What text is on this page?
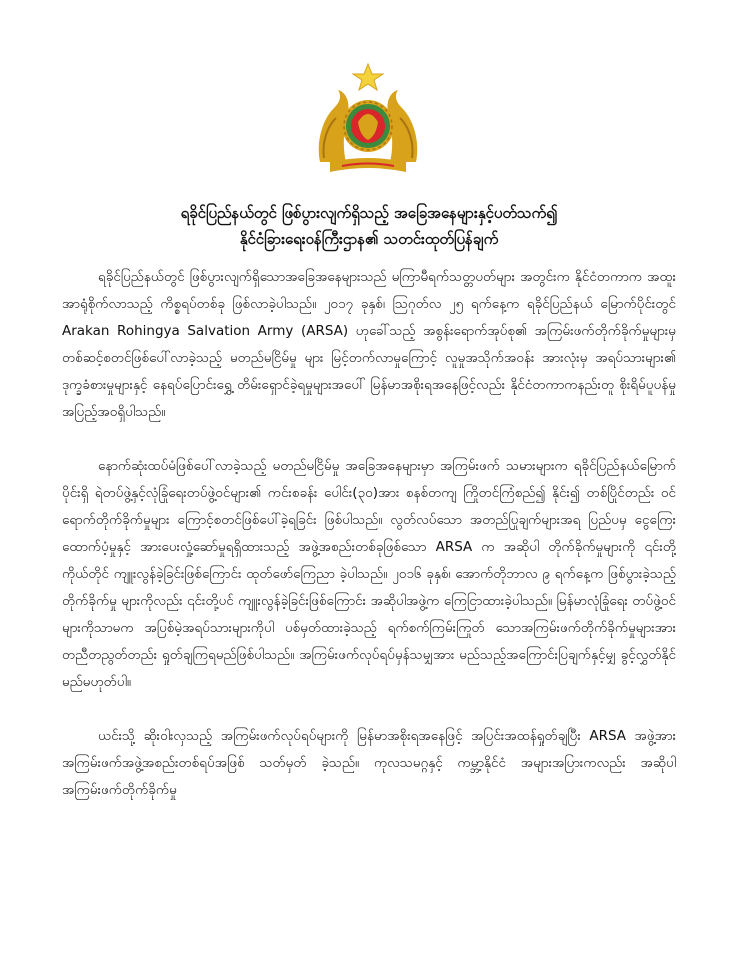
ရခိုင်ပြည်နယ်တွင် ဖြစ်ပွားလျက်ရှိသည့် အခြေအနေများနှင့်ပတ်သက်၍

နိုင်ငံခြားရေးဝန်ကြီးဌာန၏ သတင်းထုတ်ပြန်ချက်

ရခိုင်ပြည်နယ်တွင် ဖြစ်ပွားလျက်ရှိသောအခြေအနေများသည် မကြာမီရက်သတ္တပတ်များ အတွင်းက နိုင်ငံတကာက အထူးအာရုံစိုက်လာသည့် ကိစ္စရပ်တစ်ခု ဖြစ်လာခဲ့ပါသည်။ ၂၀၁၇ ခုနှစ်၊ ဩဂုတ်လ ၂၅ ရက်နေ့က ရခိုင်ပြည်နယ် မြောက်ပိုင်းတွင် Arakan Rohingya Salvation Army (ARSA) ဟုခေါ်သည့် အစွန်းရောက်အုပ်စု၏ အကြမ်းဖက်တိုက်ခိုက်မှုများမှ တစ်ဆင့်စတင်ဖြစ်ပေါ်လာခဲ့သည့် မတည်မငြိမ်မှု များ မြင့်တက်လာမှုကြောင့် လူမှုအသိုက်အဝန်း အားလုံးမှ အရပ်သားများ၏ ဒုက္ခခံစားမှုများနှင့် နေရပ်ပြောင်းရွှေ့ တိမ်းရှောင်ခဲ့ရမှုများအပေါ် မြန်မာအစိုးရအနေဖြင့်လည်း နိုင်ငံတကာကနည်းတူ စိုးရိမ်ပူပန်မှု အပြည့်အဝရှိပါသည်။

နောက်ဆုံးထပ်မံဖြစ်ပေါ်လာခဲ့သည့် မတည်မငြိမ်မှု အခြေအနေများမှာ အကြမ်းဖက် သမားများက ရခိုင်ပြည်နယ်မြောက်ပိုင်းရှိ ရဲတပ်ဖွဲ့နှင့်လုံခြုံရေးတပ်ဖွဲ့ဝင်များ၏ ကင်းစခန်း ပေါင်း(၃၀)အား စနစ်တကျ ကြိုတင်ကြံစည်၍ နိုင်း၍ တစ်ပြိုင်တည်း ဝင်ရောက်တိုက်ခိုက်မှုများ ကြောင့်စတင်ဖြစ်ပေါ်ခဲ့ရခြင်း ဖြစ်ပါသည်။ လွတ်လပ်သော အတည်ပြုချက်များအရ ပြည်ပမှ ငွေကြေးထောက်ပံ့မှုနှင့် အားပေးလှုံ့ဆော်မှုရရှိထားသည့် အဖွဲ့အစည်းတစ်ခုဖြစ်သော ARSA က အဆိုပါ တိုက်ခိုက်မှုများကို ၎င်းတို့ကိုယ်တိုင် ကျူးလွန်ခဲ့ခြင်းဖြစ်ကြောင်း ထုတ်ဖော်ကြေညာ ခဲ့ပါသည်။ ၂၀၁၆ ခုနှစ်၊ အောက်တိုဘာလ ၉ ရက်နေ့က ဖြစ်ပွားခဲ့သည့် တိုက်ခိုက်မှု များကိုလည်း ၎င်းတို့ပင် ကျူးလွန်ခဲ့ခြင်းဖြစ်ကြောင်း အဆိုပါအဖွဲ့က ကြေငြာထားခဲ့ပါသည်။ မြန်မာလုံခြုံရေး တပ်ဖွဲ့ဝင်များကိုသာမက အပြစ်မဲ့အရပ်သားများကိုပါ ပစ်မှတ်ထားခဲ့သည့် ရက်စက်ကြမ်းကြုတ် သောအကြမ်းဖက်တိုက်ခိုက်မှုများအား တညီတညွတ်တည်း ရှုတ်ချကြရမည်ဖြစ်ပါသည်။ အကြမ်းဖက်လုပ်ရပ်မှန်သမျှအား မည်သည့်အကြောင်းပြချက်နှင့်မျှ ခွင့်လွှတ်နိုင်မည်မဟုတ်ပါ။

ယင်းသို့ ဆိုးဝါးလှသည့် အကြမ်းဖက်လုပ်ရပ်များကို မြန်မာအစိုးရအနေဖြင့် အပြင်းအထန်ရှုတ်ချပြီး ARSA အဖွဲ့အား အကြမ်းဖက်အဖွဲ့အစည်းတစ်ရပ်အဖြစ် သတ်မှတ် ခဲ့သည်။ ကုလသမဂ္ဂနှင့် ကမ္ဘာ့နိုင်ငံ အများအပြားကလည်း အဆိုပါ အကြမ်းဖက်တိုက်ခိုက်မှု
